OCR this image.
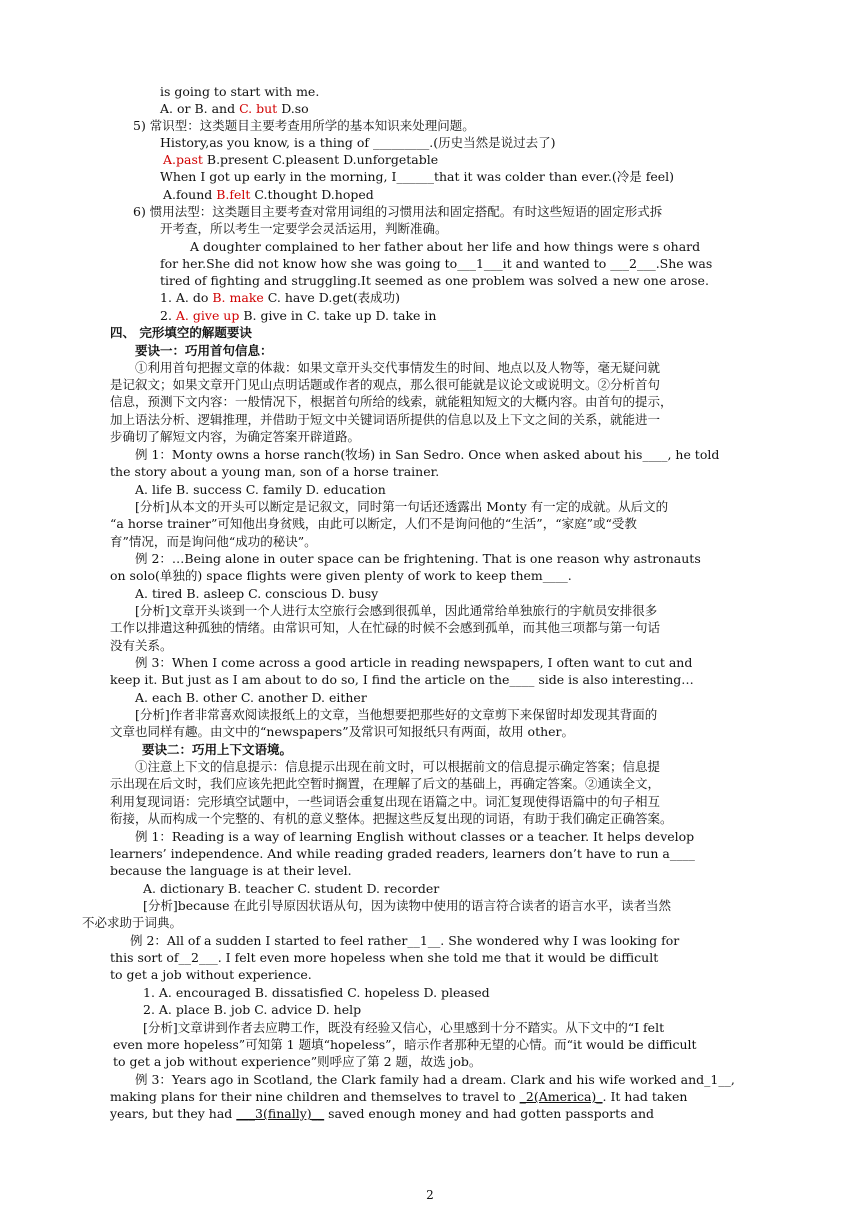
is going to start with me.
A. or B. and C. but D.so
5) 常识型：这类题目主要考查用所学的基本知识来处理问题。
History,as you know, is a thing of _________.(历史当然是说过去了)
A.past B.present C.pleasent D.unforgetable
When I got up early in the morning, I______that it was colder than ever.(冷是 feel)
A.found B.felt C.thought D.hoped
6) 惯用法型：这类题目主要考查对常用词组的习惯用法和固定搭配。有时这些短语的固定形式拆
开考查，所以考生一定要学会灵活运用，判断准确。
A doughter complained to her father about her life and how things were s ohard
for her.She did not know how she was going to___1___it and wanted to ___2___.She was
tired of fighting and struggling.It seemed as one problem was solved a new one arose.
1. A. do B. make C. have D.get(表成功)
2. A. give up B. give in C. take up D. take in
四、 完形填空的解题要诀
要诀一：巧用首句信息：
①利用首句把握文章的体裁：如果文章开头交代事情发生的时间、地点以及人物等，毫无疑问就
是记叙文；如果文章开门见山点明话题或作者的观点，那么很可能就是议论文或说明文。②分析首句
信息，预测下文内容：一般情况下，根据首句所给的线索，就能粗知短文的大概内容。由首句的提示，
加上语法分析、逻辑推理，并借助于短文中关键词语所提供的信息以及上下文之间的关系，就能进一
步确切了解短文内容，为确定答案开辟道路。
例 1：Monty owns a horse ranch(牧场) in San Sedro. Once when asked about his____, he told
the story about a young man, son of a horse trainer.
A. life B. success C. family D. education
[分析]从本文的开头可以断定是记叙文，同时第一句话还透露出 Monty 有一定的成就。从后文的
“a horse trainer”可知他出身贫贱，由此可以断定，人们不是询问他的“生活”，“家庭”或“受教
育”情况，而是询问他“成功的秘诀”。
例 2：…Being alone in outer space can be frightening. That is one reason why astronauts
on solo(单独的) space flights were given plenty of work to keep them____.
A. tired B. asleep C. conscious D. busy
[分析]文章开头谈到一个人进行太空旅行会感到很孤单，因此通常给单独旅行的宇航员安排很多
工作以排遣这种孤独的情绪。由常识可知，人在忙碌的时候不会感到孤单，而其他三项都与第一句话
没有关系。
例 3：When I come across a good article in reading newspapers, I often want to cut and
keep it. But just as I am about to do so, I find the article on the____ side is also interesting…
A. each B. other C. another D. either
[分析]作者非常喜欢阅读报纸上的文章，当他想要把那些好的文章剪下来保留时却发现其背面的
文章也同样有趣。由文中的“newspapers”及常识可知报纸只有两面，故用 other。
要诀二：巧用上下文语境。
①注意上下文的信息提示：信息提示出现在前文时，可以根据前文的信息提示确定答案；信息提
示出现在后文时，我们应该先把此空暂时搁置，在理解了后文的基础上，再确定答案。②通读全文，
利用复现词语：完形填空试题中，一些词语会重复出现在语篇之中。词汇复现使得语篇中的句子相互
衔接，从而构成一个完整的、有机的意义整体。把握这些反复出现的词语，有助于我们确定正确答案。
例 1：Reading is a way of learning English without classes or a teacher. It helps develop
learners’ independence. And while reading graded readers, learners don’t have to run a____
because the language is at their level.
A. dictionary B. teacher C. student D. recorder
[分析]because 在此引导原因状语从句，因为读物中使用的语言符合读者的语言水平，读者当然
不必求助于词典。
例 2：All of a sudden I started to feel rather__1__. She wondered why I was looking for
this sort of__2___. I felt even more hopeless when she told me that it would be difficult
to get a job without experience.
1. A. encouraged B. dissatisfied C. hopeless D. pleased
2. A. place B. job C. advice D. help
[分析]文章讲到作者去应聘工作，既没有经验又信心，心里感到十分不踏实。从下文中的“I felt
even more hopeless”可知第 1 题填“hopeless”，暗示作者那种无望的心情。而“it would be difficult
to get a job without experience”则呼应了第 2 题，故选 job。
例 3：Years ago in Scotland, the Clark family had a dream. Clark and his wife worked and_1__,
making plans for their nine children and themselves to travel to _2(America)_. It had taken
years, but they had ___3(finally)__ saved enough money and had gotten passports and
2
